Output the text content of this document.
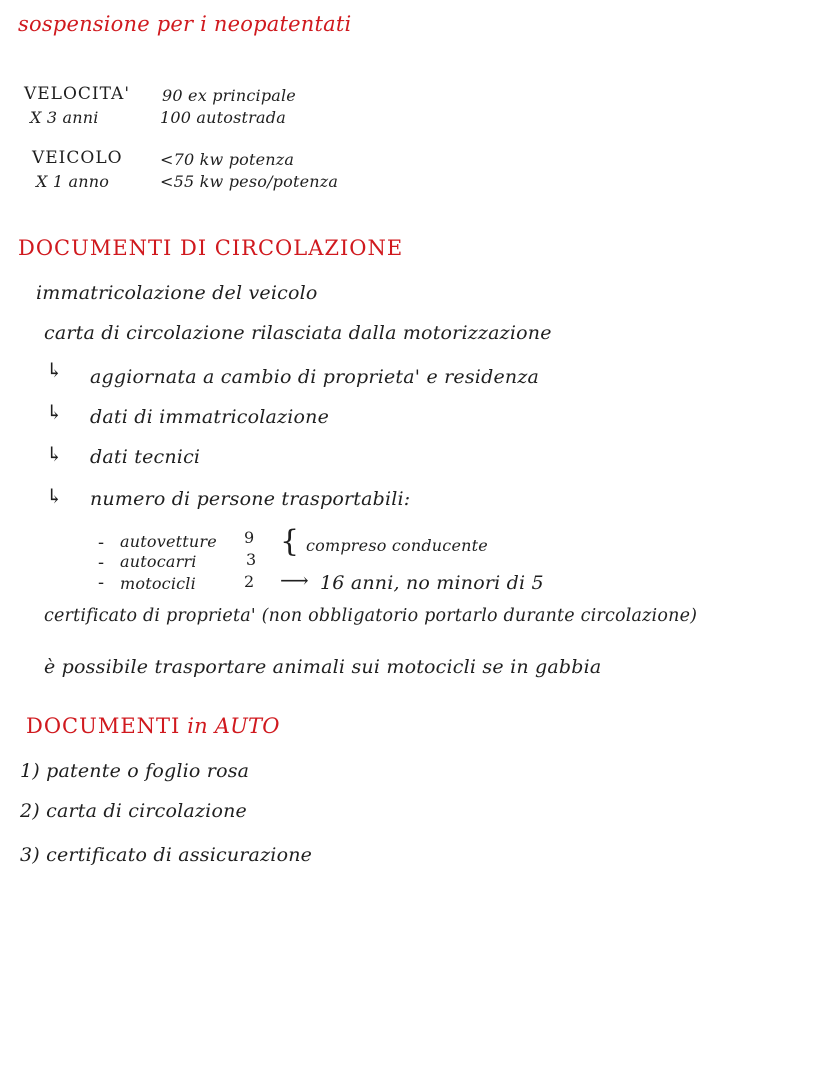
sospensione per i neopatentati
VELOCITA'
X 3 anni
90 ex principale
100 autostrada
VEICOLO
X 1 anno
<70 kw potenza
<55 kw peso/potenza
DOCUMENTI DI CIRCOLAZIONE
immatricolazione del veicolo
carta di circolazione rilasciata dalla motorizzazione
↳ aggiornata a cambio di proprieta' e residenza
↳ dati di immatricolazione
↳ dati tecnici
↳ numero di persone trasportabili:
- autovetture 9
- autocarri	3
- motocicli	2
{ compreso conducente
⟶ 16 anni, no minori di 5
certificato di proprieta' (non obbligatorio portarlo durante circolazione)
è possibile trasportare animali sui motocicli se in gabbia
DOCUMENTI in AUTO
1) patente o foglio rosa
2) carta di circolazione
3) certificato di assicurazione
